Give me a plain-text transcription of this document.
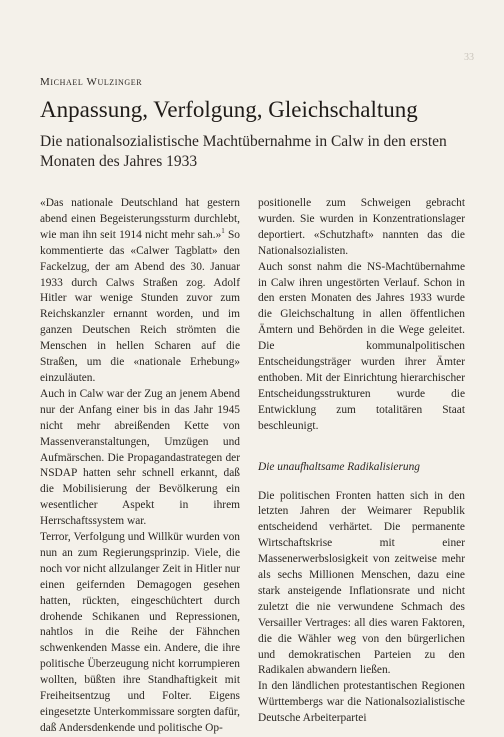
33
Michael Wulzinger
Anpassung, Verfolgung, Gleichschaltung
Die nationalsozialistische Machtübernahme in Calw in den ersten Monaten des Jahres 1933

«Das nationale Deutschland hat gestern abend einen Begeisterungssturm durchlebt, wie man ihn seit 1914 nicht mehr sah.»$^1$ So kommentierte das «Calwer Tagblatt» den Fackelzug, der am Abend des 30. Januar 1933 durch Calws Straßen zog. Adolf Hitler war wenige Stunden zuvor zum Reichskanzler ernannt worden, und im ganzen Deutschen Reich strömten die Menschen in hellen Scharen auf die Straßen, um die «nationale Erhebung» einzuläuten.

Auch in Calw war der Zug an jenem Abend nur der Anfang einer bis in das Jahr 1945 nicht mehr abreißenden Kette von Massenveranstaltungen, Umzügen und Aufmärschen. Die Propagandastrategen der NSDAP hatten sehr schnell erkannt, daß die Mobilisierung der Bevölkerung ein wesentlicher Aspekt in ihrem Herrschaftssystem war.

Terror, Verfolgung und Willkür wurden von nun an zum Regierungsprinzip. Viele, die noch vor nicht allzulanger Zeit in Hitler nur einen geifernden Demagogen gesehen hatten, rückten, eingeschüchtert durch drohende Schikanen und Repressionen, nahtlos in die Reihe der Fähnchen schwenkenden Masse ein. Andere, die ihre politische Überzeugung nicht korrumpieren wollten, büßten ihre Standhaftigkeit mit Freiheitsentzug und Folter. Eigens eingesetzte Unterkommissare sorgten dafür, daß Andersdenkende und politische Op-

positionelle zum Schweigen gebracht wurden. Sie wurden in Konzentrationslager deportiert. «Schutzhaft» nannten das die Nationalsozialisten.

Auch sonst nahm die NS-Machtübernahme in Calw ihren ungestörten Verlauf. Schon in den ersten Monaten des Jahres 1933 wurde die Gleichschaltung in allen öffentlichen Ämtern und Behörden in die Wege geleitet. Die kommunalpolitischen Entscheidungsträger wurden ihrer Ämter enthoben. Mit der Einrichtung hierarchischer Entscheidungsstrukturen wurde die Entwicklung zum totalitären Staat beschleunigt.

Die unaufhaltsame Radikalisierung

Die politischen Fronten hatten sich in den letzten Jahren der Weimarer Republik entscheidend verhärtet. Die permanente Wirtschaftskrise mit einer Massenerwerbslosigkeit von zeitweise mehr als sechs Millionen Menschen, dazu eine stark ansteigende Inflationsrate und nicht zuletzt die nie verwundene Schmach des Versailler Vertrages: all dies waren Faktoren, die die Wähler weg von den bürgerlichen und demokratischen Parteien zu den Radikalen abwandern ließen.

In den ländlichen protestantischen Regionen Württembergs war die Nationalsozialistische Deutsche Arbeiterpartei
